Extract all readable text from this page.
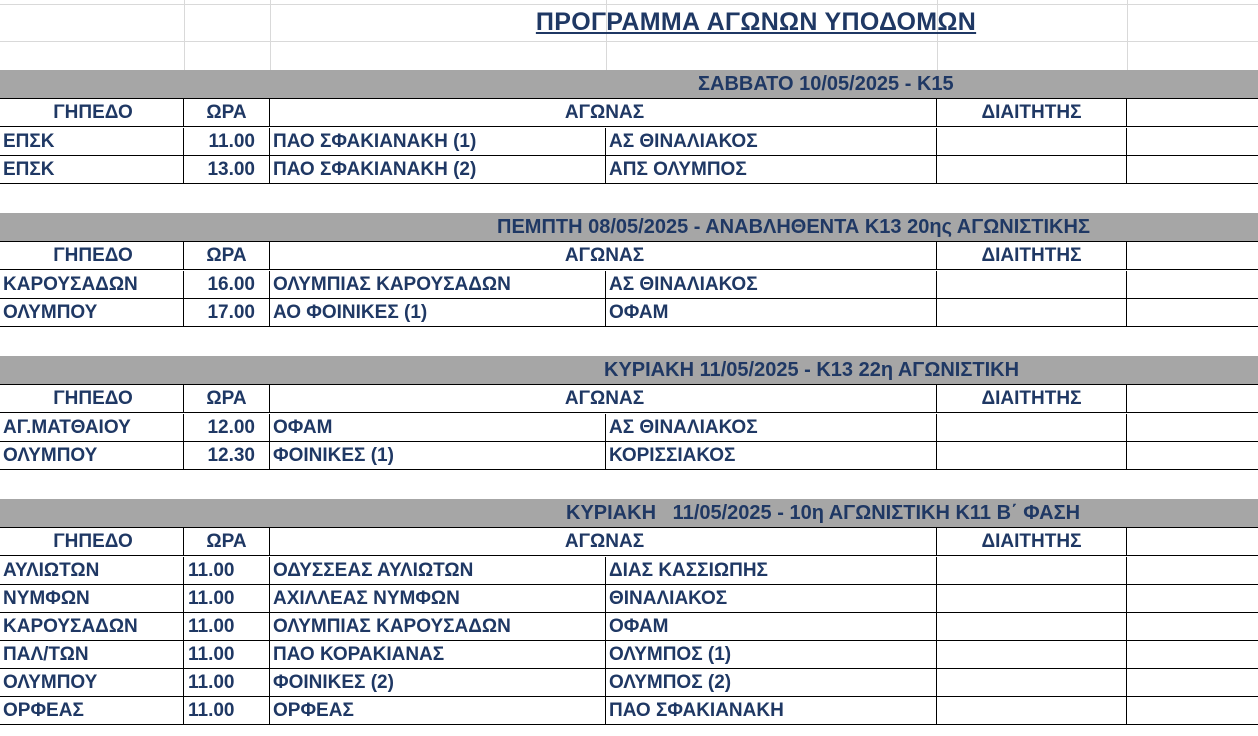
ΠΡΟΓΡΑΜΜΑ ΑΓΩΝΩΝ ΥΠΟΔΟΜΩΝ
ΣΑΒΒΑΤΟ 10/05/2025 - Κ15
ΓΗΠΕΔΟ	ΩΡΑ	ΑΓΩΝΑΣ	ΔΙΑΙΤΗΤΗΣ
ΕΠΣΚ	11.00 ΠΑΟ ΣΦΑΚΙΑΝΑΚΗ (1)	ΑΣ ΘΙΝΑΛΙΑΚΟΣ
ΕΠΣΚ	13.00 ΠΑΟ ΣΦΑΚΙΑΝΑΚΗ (2)	ΑΠΣ ΟΛΥΜΠΟΣ
ΠΕΜΠΤΗ 08/05/2025 - ΑΝΑΒΛΗΘΕΝΤΑ Κ13 20ης ΑΓΩΝΙΣΤΙΚΗΣ
ΓΗΠΕΔΟ	ΩΡΑ	ΑΓΩΝΑΣ	ΔΙΑΙΤΗΤΗΣ
ΚΑΡΟΥΣΑΔΩΝ	16.00 ΟΛΥΜΠΙΑΣ ΚΑΡΟΥΣΑΔΩΝ	ΑΣ ΘΙΝΑΛΙΑΚΟΣ
ΟΛΥΜΠΟΥ	17.00 ΑΟ ΦΟΙΝΙΚΕΣ (1)	ΟΦΑΜ
ΚΥΡΙΑΚΗ 11/05/2025 - Κ13 22η ΑΓΩΝΙΣΤΙΚΗ
ΓΗΠΕΔΟ	ΩΡΑ	ΑΓΩΝΑΣ	ΔΙΑΙΤΗΤΗΣ
ΑΓ.ΜΑΤΘΑΙΟΥ	12.00 ΟΦΑΜ	ΑΣ ΘΙΝΑΛΙΑΚΟΣ
ΟΛΥΜΠΟΥ	12.30 ΦΟΙΝΙΚΕΣ (1)	ΚΟΡΙΣΣΙΑΚΟΣ
ΚΥΡΙΑΚΗ   11/05/2025 - 10η ΑΓΩΝΙΣΤΙΚΗ Κ11 Β΄ ΦΑΣΗ
ΓΗΠΕΔΟ	ΩΡΑ	ΑΓΩΝΑΣ	ΔΙΑΙΤΗΤΗΣ
ΑΥΛΙΩΤΩΝ	11.00	ΟΔΥΣΣΕΑΣ ΑΥΛΙΩΤΩΝ	ΔΙΑΣ ΚΑΣΣΙΩΠΗΣ
ΝΥΜΦΩΝ	11.00	ΑΧΙΛΛΕΑΣ ΝΥΜΦΩΝ	ΘΙΝΑΛΙΑΚΟΣ
ΚΑΡΟΥΣΑΔΩΝ	11.00	ΟΛΥΜΠΙΑΣ ΚΑΡΟΥΣΑΔΩΝ	ΟΦΑΜ
ΠΑΛ/ΤΩΝ	11.00	ΠΑΟ ΚΟΡΑΚΙΑΝΑΣ	ΟΛΥΜΠΟΣ (1)
ΟΛΥΜΠΟΥ	11.00	ΦΟΙΝΙΚΕΣ (2)	ΟΛΥΜΠΟΣ (2)
ΟΡΦΕΑΣ	11.00	ΟΡΦΕΑΣ	ΠΑΟ ΣΦΑΚΙΑΝΑΚΗ
